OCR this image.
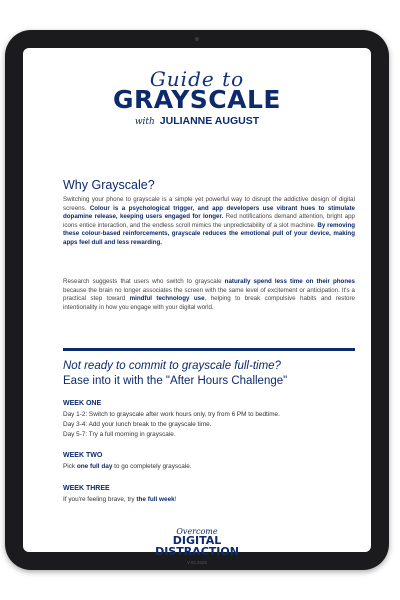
Guide to
GRAYSCALE
with JULIANNE AUGUST
Why Grayscale?
Switching your phone to grayscale is a simple yet powerful way to disrupt the addictive design of digital screens. Colour is a psychological trigger, and app developers use vibrant hues to stimulate dopamine release, keeping users engaged for longer. Red notifications demand attention, bright app icons entice interaction, and the endless scroll mimics the unpredictability of a slot machine. By removing these colour-based reinforcements, grayscale reduces the emotional pull of your device, making apps feel dull and less rewarding.
Research suggests that users who switch to grayscale naturally spend less time on their phones because the brain no longer associates the screen with the same level of excitement or anticipation. It's a practical step toward mindful technology use, helping to break compulsive habits and restore intentionality in how you engage with your digital world.
Not ready to commit to grayscale full-time?
Ease into it with the "After Hours Challenge"
WEEK ONE
Day 1-2: Switch to grayscale after work hours only, try from 6 PM to bedtime.
Day 3-4: Add your lunch break to the grayscale time.
Day 5-7: Try a full morning in grayscale.
WEEK TWO
Pick one full day to go completely grayscale.
WEEK THREE
If you're feeling brave, try the full week!
Overcome
DIGITAL
DISTRACTION
V.02.2025
